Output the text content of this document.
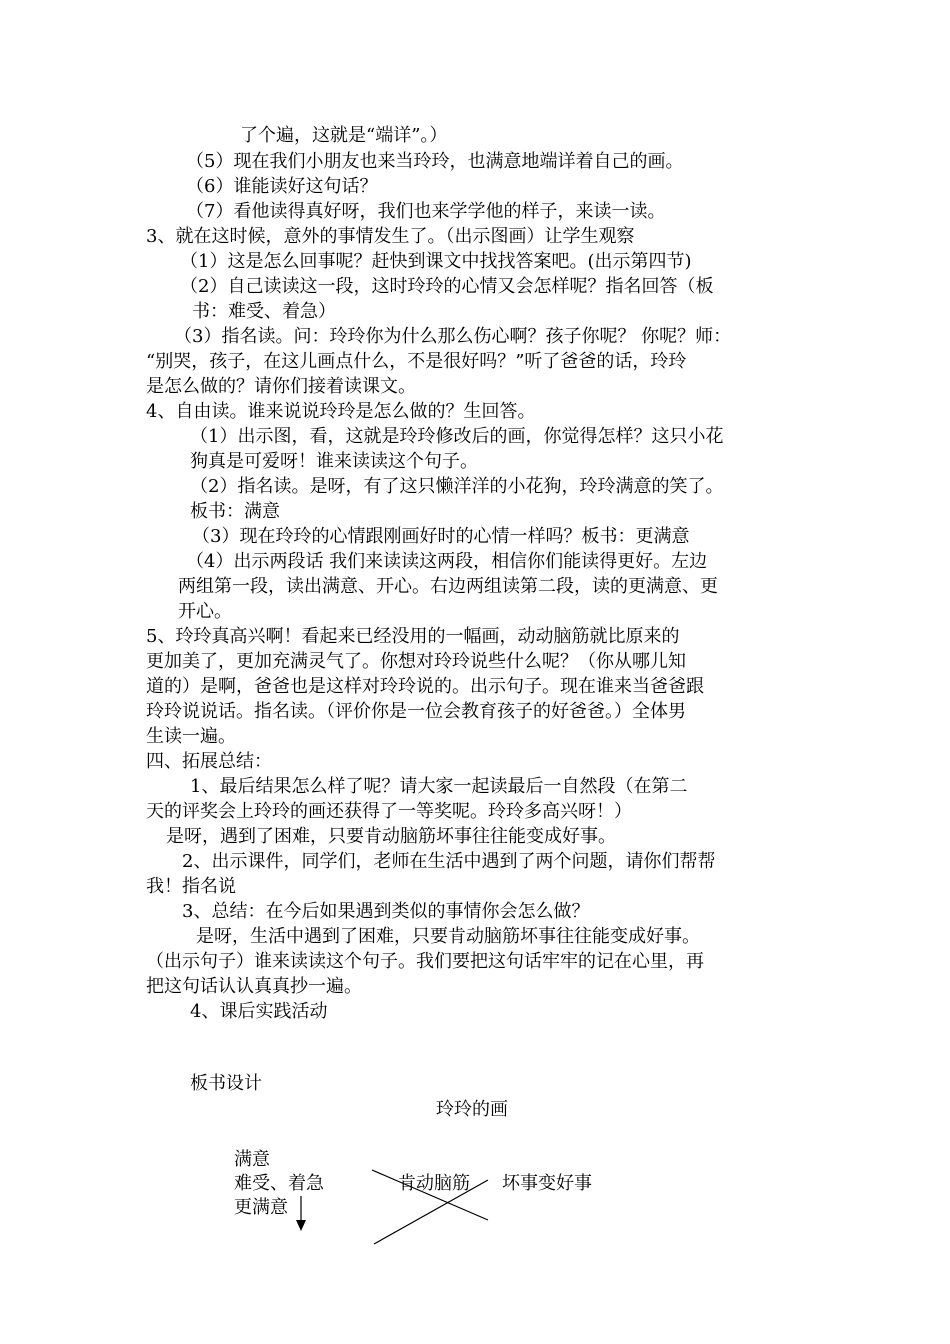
了个遍，这就是“端详”。）
（5）现在我们小朋友也来当玲玲，也满意地端详着自己的画。
（6）谁能读好这句话？
（7）看他读得真好呀，我们也来学学他的样子，来读一读。
3、就在这时候，意外的事情发生了。（出示图画）让学生观察
（1）这是怎么回事呢？赶快到课文中找找答案吧。(出示第四节)
（2）自己读读这一段，这时玲玲的心情又会怎样呢？指名回答（板
书：难受、着急）
（3）指名读。问：玲玲你为什么那么伤心啊？孩子你呢？ 你呢？师：
“别哭，孩子，在这儿画点什么，不是很好吗？”听了爸爸的话，玲玲
是怎么做的？请你们接着读课文。
4、自由读。谁来说说玲玲是怎么做的？生回答。
（1）出示图，看，这就是玲玲修改后的画，你觉得怎样？这只小花
狗真是可爱呀！谁来读读这个句子。
（2）指名读。是呀，有了这只懒洋洋的小花狗，玲玲满意的笑了。
板书：满意
（3）现在玲玲的心情跟刚画好时的心情一样吗？板书：更满意
（4）出示两段话 我们来读读这两段，相信你们能读得更好。左边
两组第一段，读出满意、开心。右边两组读第二段，读的更满意、更
开心。
5、玲玲真高兴啊！看起来已经没用的一幅画，动动脑筋就比原来的
更加美了，更加充满灵气了。你想对玲玲说些什么呢？（你从哪儿知
道的）是啊，爸爸也是这样对玲玲说的。出示句子。现在谁来当爸爸跟
玲玲说说话。指名读。（评价你是一位会教育孩子的好爸爸。）全体男
生读一遍。
四、拓展总结：
1、最后结果怎么样了呢？请大家一起读最后一自然段（在第二
天的评奖会上玲玲的画还获得了一等奖呢。玲玲多高兴呀！）
是呀，遇到了困难，只要肯动脑筋坏事往往能变成好事。
2、出示课件，同学们，老师在生活中遇到了两个问题，请你们帮帮
我！指名说
3、总结：在今后如果遇到类似的事情你会怎么做？
是呀，生活中遇到了困难，只要肯动脑筋坏事往往能变成好事。
（出示句子）谁来读读这个句子。我们要把这句话牢牢的记在心里，再
把这句话认认真真抄一遍。
4、课后实践活动
板书设计
玲玲的画
满意
难受、着急
更满意
肯动脑筋 坏事变好事
